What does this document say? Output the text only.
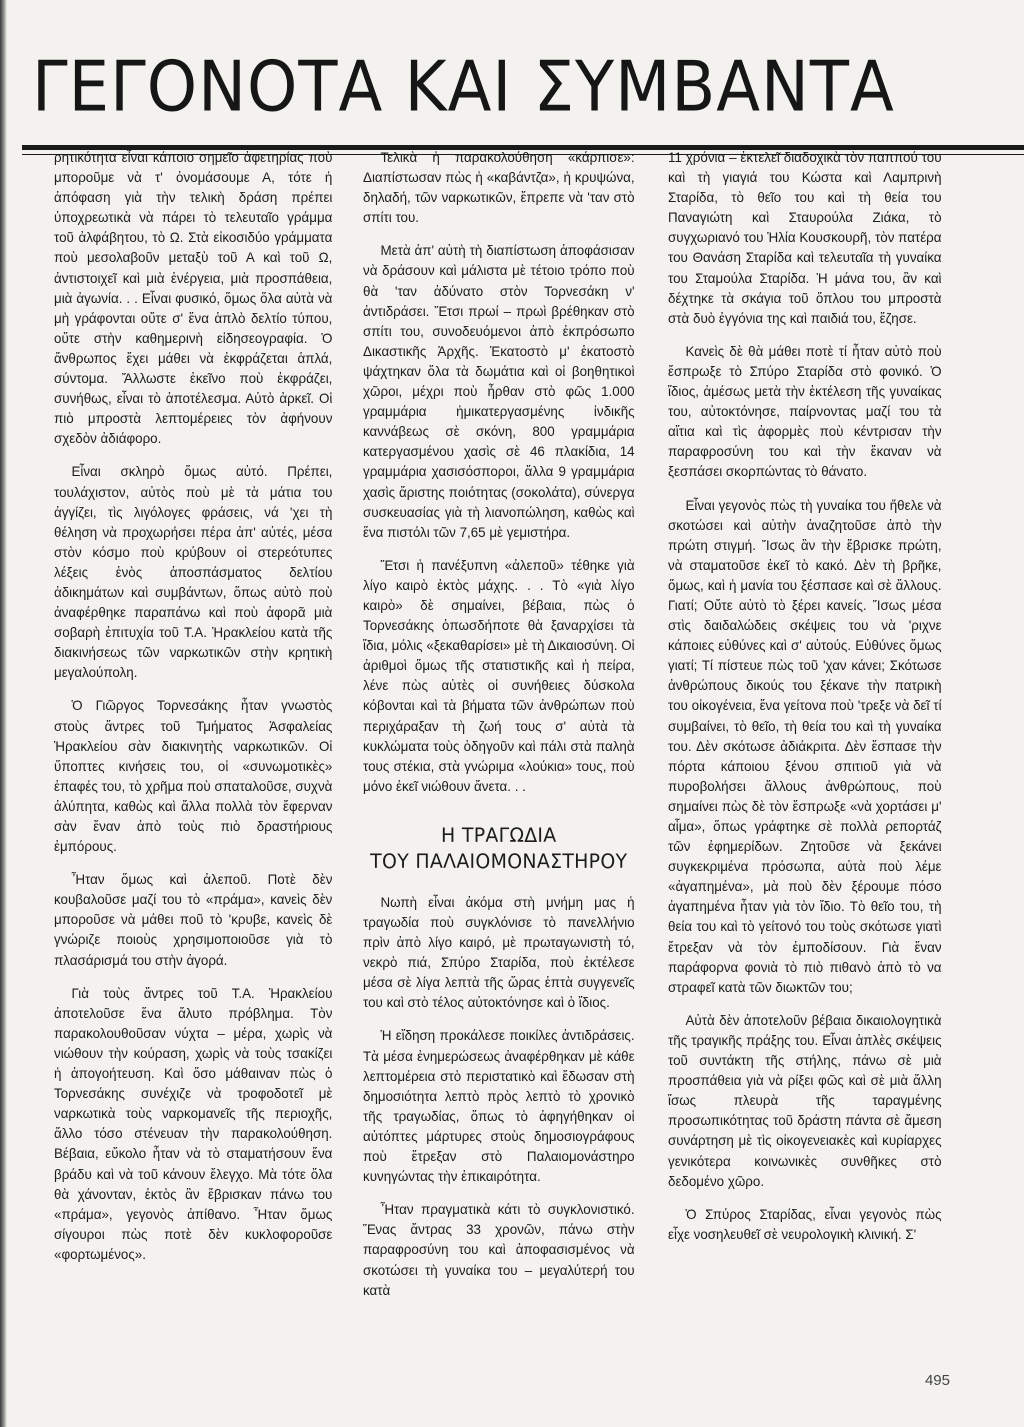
ΓΕΓΟΝΟΤΑ ΚΑΙ ΣΥΜΒΑΝΤΑ

ρητικότητα εἶναι κάποιο σημεῖο ἀφετηρίας ποὺ μποροῦμε νὰ τ' ὀνομάσουμε Α, τότε ἡ ἀπόφαση γιὰ τὴν τελικὴ δράση πρέπει ὑποχρεωτικὰ νὰ πάρει τὸ τελευταῖο γράμμα τοῦ ἀλφάβητου, τὸ Ω. Στὰ εἰκοσιδύο γράμματα ποὺ μεσολαβοῦν μεταξὺ τοῦ Α καὶ τοῦ Ω, ἀντιστοιχεῖ καὶ μιὰ ἐνέργεια, μιὰ προσπάθεια, μιὰ ἀγωνία. . . Εἶναι φυσικό, ὅμως ὅλα αὐτὰ νὰ μὴ γράφονται οὔτε σ' ἕνα ἁπλὸ δελτίο τύπου, οὔτε στὴν καθημερινὴ εἰδησεογραφία. Ὁ ἄνθρωπος ἔχει μάθει νὰ ἐκφράζεται ἁπλά, σύντομα. Ἄλλωστε ἐκεῖνο ποὺ ἐκφράζει, συνήθως, εἶναι τὸ ἀποτέλεσμα. Αὐτὸ ἀρκεῖ. Οἱ πιὸ μπροστὰ λεπτομέρειες τὸν ἀφήνουν σχεδὸν ἀδιάφορο.

Εἶναι σκληρὸ ὅμως αὐτό. Πρέπει, τουλάχιστον, αὐτὸς ποὺ μὲ τὰ μάτια του ἀγγίζει, τὶς λιγόλογες φράσεις, νά 'χει τὴ θέληση νὰ προχωρήσει πέρα ἀπ' αὐτές, μέσα στὸν κόσμο ποὺ κρύβουν οἱ στερεότυπες λέξεις ἑνὸς ἀποσπάσματος δελτίου ἀδικημάτων καὶ συμβάντων, ὅπως αὐτὸ ποὺ ἀναφέρθηκε παραπάνω καὶ ποὺ ἀφορᾶ μιὰ σοβαρὴ ἐπιτυχία τοῦ Τ.Α. Ἡρακλείου κατὰ τῆς διακινήσεως τῶν ναρκωτικῶν στὴν κρητικὴ μεγαλούπολη.

Ὁ Γιῶργος Τορνεσάκης ἦταν γνωστὸς στοὺς ἄντρες τοῦ Τμήματος Ἀσφαλείας Ἡρακλείου σὰν διακινητὴς ναρκωτικῶν. Οἱ ὕποπτες κινήσεις του, οἱ «συνωμοτικὲς» ἐπαφές του, τὸ χρῆμα ποὺ σπαταλοῦσε, συχνὰ ἀλύπητα, καθὼς καὶ ἄλλα πολλὰ τὸν ἔφερναν σὰν ἕναν ἀπὸ τοὺς πιὸ δραστήριους ἐμπόρους.

Ἦταν ὅμως καὶ ἀλεποῦ. Ποτὲ δὲν κουβαλοῦσε μαζί του τὸ «πράμα», κανεὶς δὲν μποροῦσε νὰ μάθει ποῦ τὸ 'κρυβε, κανεὶς δὲ γνώριζε ποιοὺς χρησιμοποιοῦσε γιὰ τὸ πλασάρισμά του στὴν ἀγορά.

Γιὰ τοὺς ἄντρες τοῦ Τ.Α. Ἡρακλείου ἀποτελοῦσε ἕνα ἄλυτο πρόβλημα. Τὸν παρακολουθοῦσαν νύχτα – μέρα, χωρὶς νὰ νιώθουν τὴν κούραση, χωρὶς νὰ τοὺς τσακίζει ἡ ἀπογοήτευση. Καὶ ὅσο μάθαιναν πὼς ὁ Τορνεσάκης συνέχιζε νὰ τροφοδοτεῖ μὲ ναρκωτικὰ τοὺς ναρκομανεῖς τῆς περιοχῆς, ἄλλο τόσο στένευαν τὴν παρακολούθηση. Βέβαια, εὔκολο ἦταν νὰ τὸ σταματήσουν ἕνα βράδυ καὶ νὰ τοῦ κάνουν ἔλεγχο. Μὰ τότε ὅλα θὰ χάνονταν, ἐκτὸς ἂν ἔβρισκαν πάνω του «πράμα», γεγονὸς ἀπίθανο. Ἦταν ὅμως σίγουροι πὼς ποτὲ δὲν κυκλοφοροῦσε «φορτωμένος».

Τελικὰ ἡ παρακολούθηση «κάρπισε»: Διαπίστωσαν πὼς ἡ «καβάντζα», ἡ κρυψώνα, δηλαδή, τῶν ναρκωτικῶν, ἔπρεπε νὰ 'ταν στὸ σπίτι του.

Μετὰ ἀπ' αὐτὴ τὴ διαπίστωση ἀποφάσισαν νὰ δράσουν καὶ μάλιστα μὲ τέτοιο τρόπο ποὺ θὰ 'ταν ἀδύνατο στὸν Τορνεσάκη ν' ἀντιδράσει. Ἔτσι πρωί – πρωὶ βρέθηκαν στὸ σπίτι του, συνοδευόμενοι ἀπὸ ἐκπρόσωπο Δικαστικῆς Ἀρχῆς. Ἑκατοστὸ μ' ἑκατοστὸ ψάχτηκαν ὅλα τὰ δωμάτια καὶ οἱ βοηθητικοὶ χῶροι, μέχρι ποὺ ἦρθαν στὸ φῶς 1.000 γραμμάρια ἡμικατεργασμένης ἰνδικῆς καννάβεως σὲ σκόνη, 800 γραμμάρια κατεργασμένου χασὶς σὲ 46 πλακίδια, 14 γραμμάρια χασισόσποροι, ἄλλα 9 γραμμάρια χασὶς ἄριστης ποιότητας (σοκολάτα), σύνεργα συσκευασίας γιὰ τὴ λιανοπώληση, καθὼς καὶ ἕνα πιστόλι τῶν 7,65 μὲ γεμιστήρα.

Ἔτσι ἡ πανέξυπνη «ἀλεποῦ» τέθηκε γιὰ λίγο καιρὸ ἐκτὸς μάχης. . . Τὸ «γιὰ λίγο καιρὸ» δὲ σημαίνει, βέβαια, πὼς ὁ Τορνεσάκης ὁπωσδήποτε θὰ ξαναρχίσει τὰ ἴδια, μόλις «ξεκαθαρίσει» μὲ τὴ Δικαιοσύνη. Οἱ ἀριθμοὶ ὅμως τῆς στατιστικῆς καὶ ἡ πείρα, λένε πὼς αὐτὲς οἱ συνήθειες δύσκολα κόβονται καὶ τὰ βήματα τῶν ἀνθρώπων ποὺ περιχάραξαν τὴ ζωή τους σ' αὐτὰ τὰ κυκλώματα τοὺς ὁδηγοῦν καὶ πάλι στὰ παληὰ τους στέκια, στὰ γνώριμα «λούκια» τους, ποὺ μόνο ἐκεῖ νιώθουν ἄνετα. . .

Η ΤΡΑΓΩΔΙΑ
ΤΟΥ ΠΑΛΑΙΟΜΟΝΑΣΤΗΡΟΥ

Νωπὴ εἶναι ἀκόμα στὴ μνήμη μας ἡ τραγωδία ποὺ συγκλόνισε τὸ πανελλήνιο πρὶν ἀπὸ λίγο καιρό, μὲ πρωταγωνιστὴ τό, νεκρὸ πιά, Σπύρο Σταρίδα, ποὺ ἐκτέλεσε μέσα σὲ λίγα λεπτὰ τῆς ὥρας ἑπτὰ συγγενεῖς του καὶ στὸ τέλος αὐτοκτόνησε καὶ ὁ ἴδιος.

Ἡ εἴδηση προκάλεσε ποικίλες ἀντιδράσεις. Τὰ μέσα ἐνημερώσεως ἀναφέρθηκαν μὲ κάθε λεπτομέρεια στὸ περιστατικὸ καὶ ἔδωσαν στὴ δημοσιότητα λεπτὸ πρὸς λεπτὸ τὸ χρονικὸ τῆς τραγωδίας, ὅπως τὸ ἀφηγήθηκαν οἱ αὐτόπτες μάρτυρες στοὺς δημοσιογράφους ποὺ ἔτρεξαν στὸ Παλαιομονάστηρο κυνηγώντας τὴν ἐπικαιρότητα.

Ἦταν πραγματικὰ κάτι τὸ συγκλονιστικό. Ἕνας ἄντρας 33 χρονῶν, πάνω στὴν παραφροσύνη του καὶ ἀποφασισμένος νὰ σκοτώσει τὴ γυναίκα του – μεγαλύτερή του κατὰ

11 χρόνια – ἐκτελεῖ διαδοχικὰ τὸν παππού του καὶ τὴ γιαγιά του Κώστα καὶ Λαμπρινὴ Σταρίδα, τὸ θεῖο του καὶ τὴ θεία του Παναγιώτη καὶ Σταυρούλα Ζιάκα, τὸ συγχωριανό του Ἡλία Κουσκουρῆ, τὸν πατέρα του Θανάση Σταρίδα καὶ τελευταῖα τὴ γυναίκα του Σταμούλα Σταρίδα. Ἡ μάνα του, ἂν καὶ δέχτηκε τὰ σκάγια τοῦ ὅπλου του μπροστὰ στὰ δυὸ ἐγγόνια της καὶ παιδιά του, ἔζησε.

Κανεὶς δὲ θὰ μάθει ποτὲ τί ἦταν αὐτὸ ποὺ ἔσπρωξε τὸ Σπύρο Σταρίδα στὸ φονικό. Ὁ ἴδιος, ἀμέσως μετὰ τὴν ἐκτέλεση τῆς γυναίκας του, αὐτοκτόνησε, παίρνοντας μαζί του τὰ αἴτια καὶ τὶς ἀφορμὲς ποὺ κέντρισαν τὴν παραφροσύνη του καὶ τὴν ἔκαναν νὰ ξεσπάσει σκορπώντας τὸ θάνατο.

Εἶναι γεγονὸς πὼς τὴ γυναίκα του ἤθελε νὰ σκοτώσει καὶ αὐτὴν ἀναζητοῦσε ἀπὸ τὴν πρώτη στιγμή. Ἴσως ἂν τὴν ἔβρισκε πρώτη, νὰ σταματοῦσε ἐκεῖ τὸ κακό. Δὲν τὴ βρῆκε, ὅμως, καὶ ἡ μανία του ξέσπασε καὶ σὲ ἄλλους. Γιατί; Οὔτε αὐτὸ τὸ ξέρει κανείς. Ἴσως μέσα στὶς δαιδαλώδεις σκέψεις του νὰ 'ριχνε κάποιες εὐθύνες καὶ σ' αὐτούς. Εὐθύνες ὅμως γιατί; Τί πίστευε πὼς τοῦ 'χαν κάνει; Σκότωσε ἀνθρώπους δικούς του ξέκανε τὴν πατρικὴ του οἰκογένεια, ἕνα γείτονα ποὺ 'τρεξε νὰ δεῖ τί συμβαίνει, τὸ θεῖο, τὴ θεία του καὶ τὴ γυναίκα του. Δὲν σκότωσε ἀδιάκριτα. Δὲν ἔσπασε τὴν πόρτα κάποιου ξένου σπιτιοῦ γιὰ νὰ πυροβολήσει ἄλλους ἀνθρώπους, ποὺ σημαίνει πὼς δὲ τὸν ἔσπρωξε «νὰ χορτάσει μ' αἷμα», ὅπως γράφτηκε σὲ πολλὰ ρεπορτάζ τῶν ἐφημερίδων. Ζητοῦσε νὰ ξεκάνει συγκεκριμένα πρόσωπα, αὐτὰ ποὺ λέμε «ἀγαπημένα», μὰ ποὺ δὲν ξέρουμε πόσο ἀγαπημένα ἦταν γιὰ τὸν ἴδιο. Τὸ θεῖο του, τὴ θεία του καὶ τὸ γείτονό του τοὺς σκότωσε γιατὶ ἔτρεξαν νὰ τὸν ἐμποδίσουν. Γιὰ ἕναν παράφορνα φονιὰ τὸ πιὸ πιθανὸ ἀπὸ τὸ να στραφεῖ κατὰ τῶν διωκτῶν του;

Αὐτὰ δὲν ἀποτελοῦν βέβαια δικαιολογητικὰ τῆς τραγικῆς πράξης του. Εἶναι ἁπλὲς σκέψεις τοῦ συντάκτη τῆς στήλης, πάνω σὲ μιὰ προσπάθεια γιὰ νὰ ρίξει φῶς καὶ σὲ μιὰ ἄλλη ἴσως πλευρὰ τῆς ταραγμένης προσωπικότητας τοῦ δράστη πάντα σὲ ἄμεση συνάρτηση μὲ τὶς οἰκογενειακὲς καὶ κυρίαρχες γενικότερα κοινωνικὲς συνθῆκες στὸ δεδομένο χῶρο.

Ὁ Σπύρος Σταρίδας, εἶναι γεγονὸς πὼς εἶχε νοσηλευθεῖ σὲ νευρολογικὴ κλινική. Σ'

495
